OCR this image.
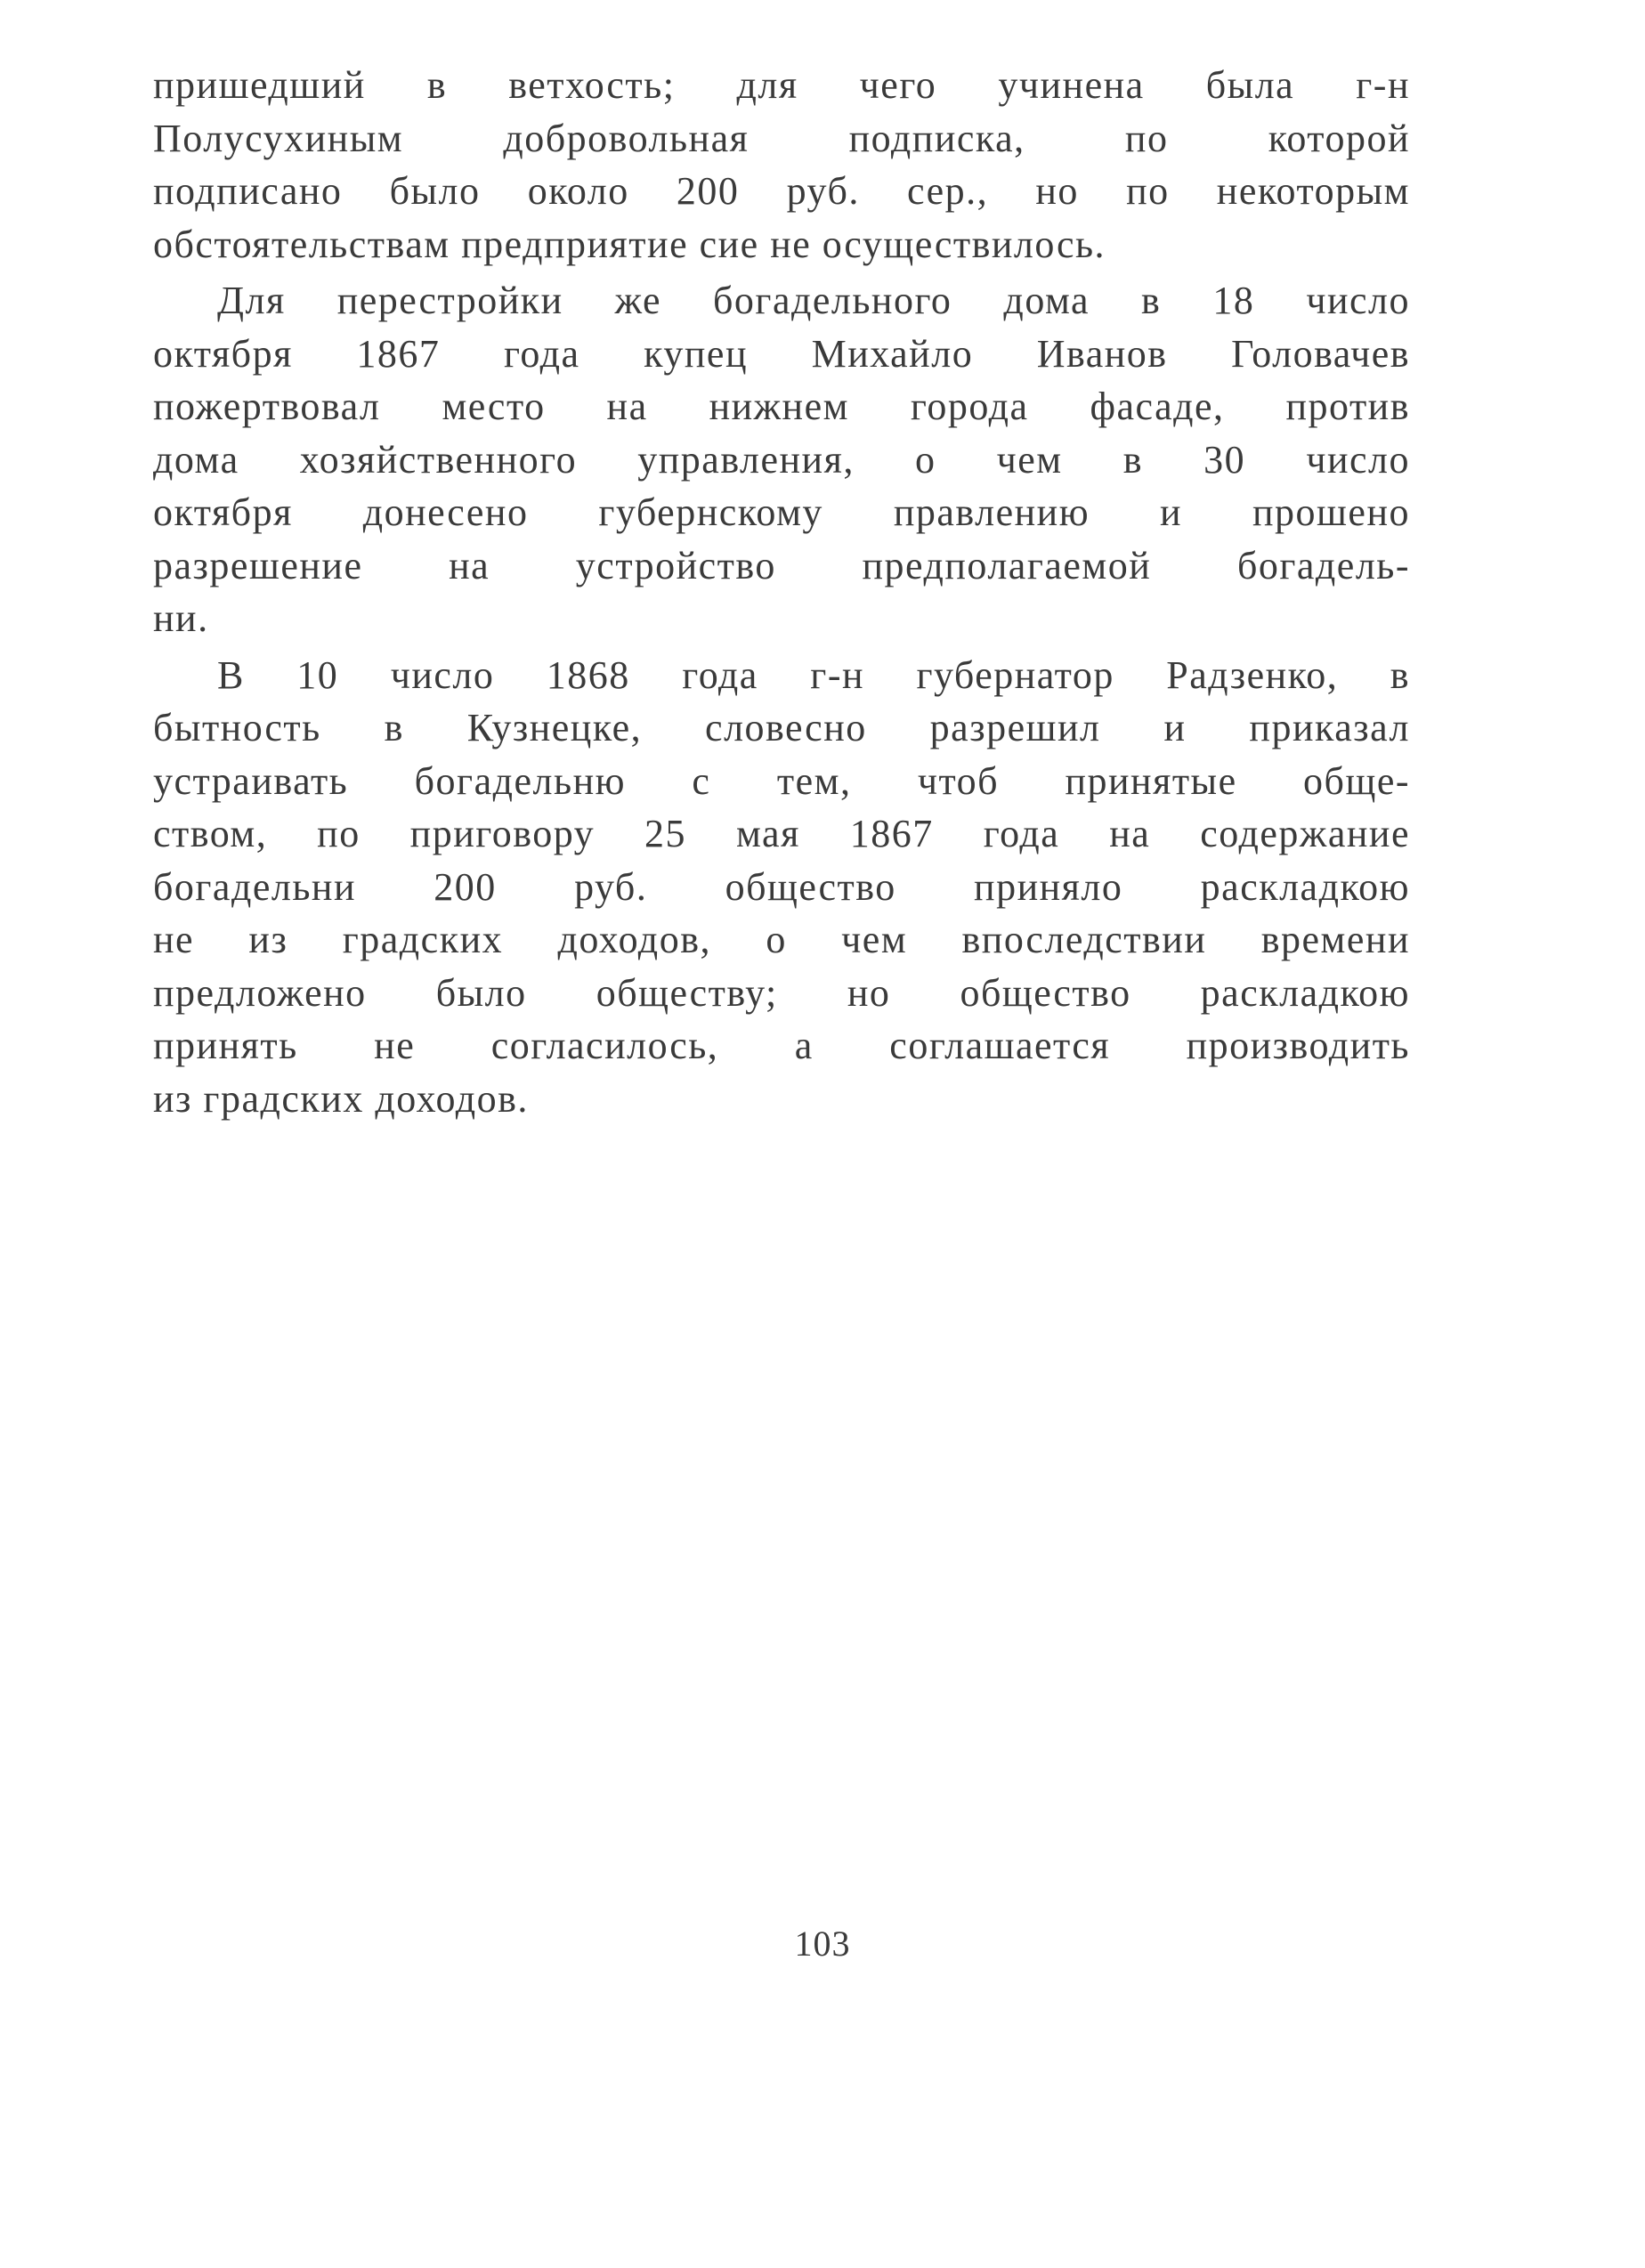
пришедший в ветхость; для чего учинена была г-н
Полусухиным добровольная подписка, по которой
подписано было около 200 руб. сер., но по некоторым
обстоятельствам предприятие сие не осуществилось.
Для перестройки же богадельного дома в 18 число
октября 1867 года купец Михайло Иванов Головачев
пожертвовал место на нижнем города фасаде, против
дома хозяйственного управления, о чем в 30 число
октября донесено губернскому правлению и прошено
разрешение на устройство предполагаемой богадель-
ни.
В 10 число 1868 года г-н губернатор Радзенко, в
бытность в Кузнецке, словесно разрешил и приказал
устраивать богадельню с тем, чтоб принятые обще-
ством, по приговору 25 мая 1867 года на содержание
богадельни 200 руб. общество приняло раскладкою
не из градских доходов, о чем впоследствии времени
предложено было обществу; но общество раскладкою
принять не согласилось, а соглашается производить
из градских доходов.
103
